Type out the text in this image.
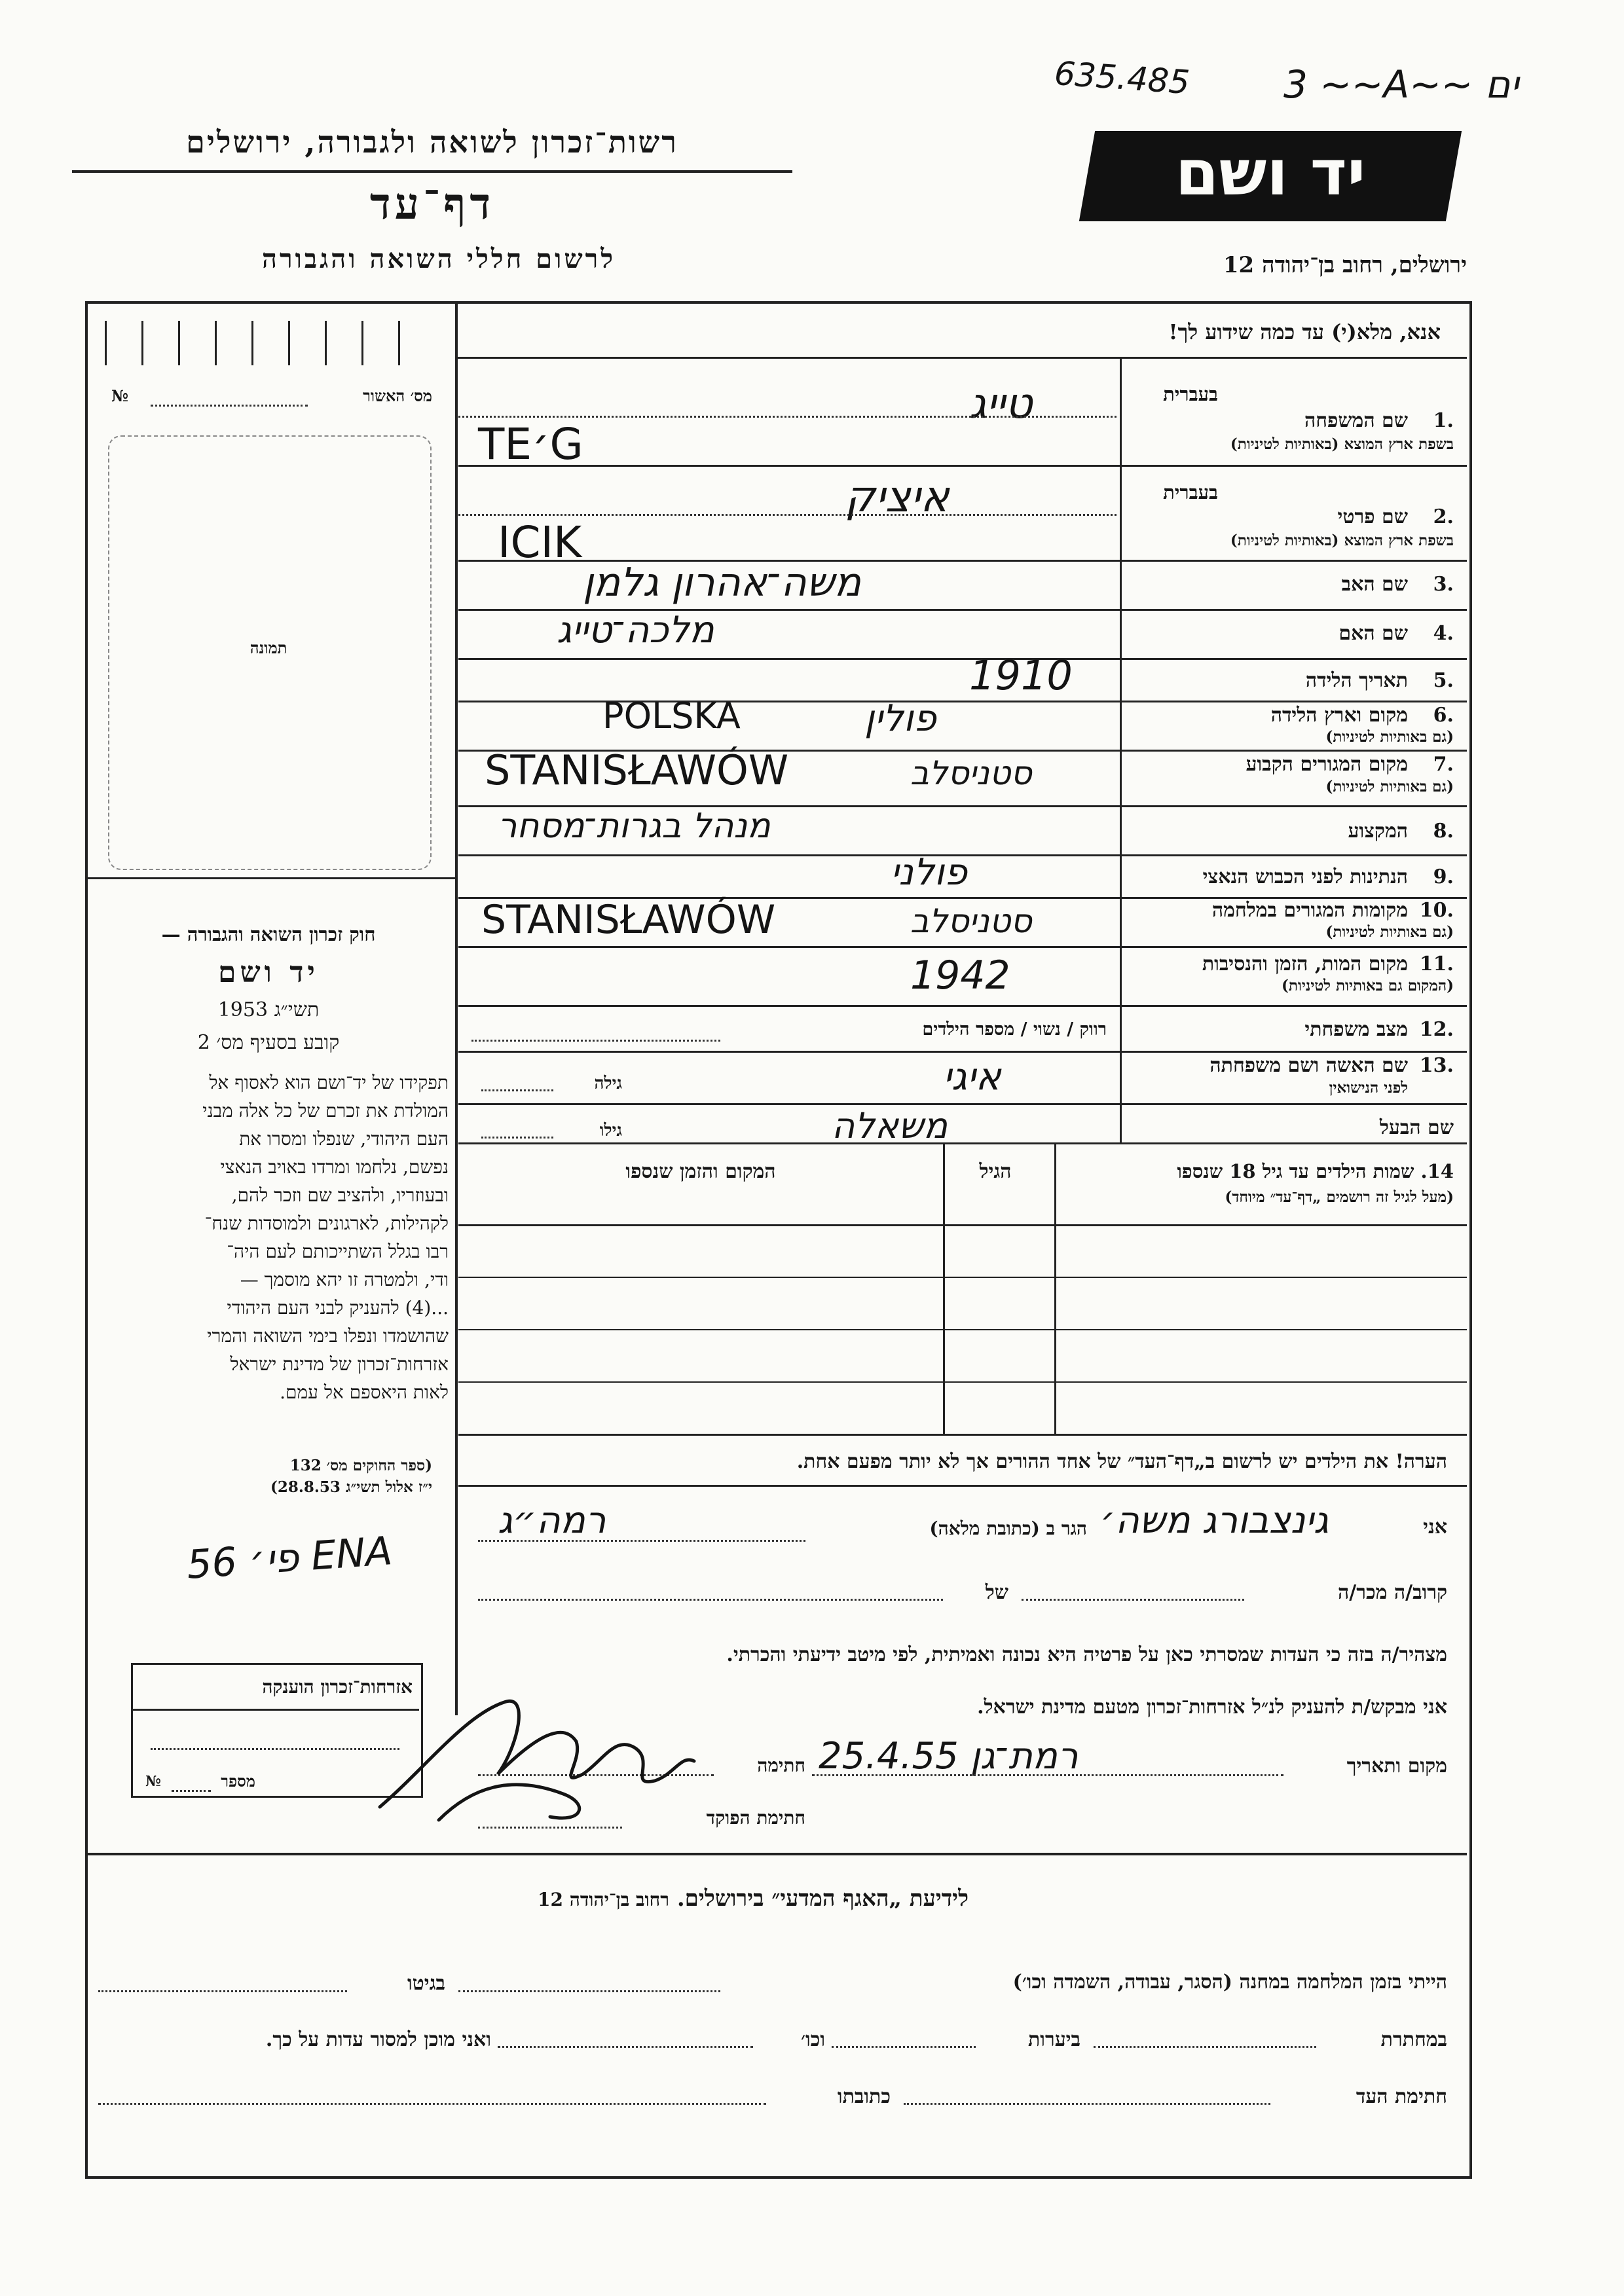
635.485 3 ~~A~~ ים
רשות־זכרון לשואה ולגבורה, ירושלים
דף־עד
לרשום חללי השואה והגבורה
יד ושם
ירושלים, רחוב בן־יהודה 12
מס׳ האשור
№
תמונה
חוק זכרון השואה והגבורה —
יד ושם
תשי״ג 1953
קובע בסעיף מס׳ 2
תפקידו של יד־ושם הוא לאסוף אל
המולדת את זכרם של כל אלה מבני
העם היהודי, שנפלו ומסרו את
נפשם, נלחמו ומרדו באויב הנאצי
ובעוזריו, ולהציב שם וזכר להם,
לקהילות, לארגונים ולמוסדות שנח־
רבו בגלל השתייכותם לעם היה־
ודי, ולמטרה זו יהא מוסמך —
...(4) להעניק לבני העם היהודי
שהושמדו ונפלו בימי השואה והמרי
אזרחות־זכרון של מדינת ישראל
לאות היאספם אל עמם.
(ספר החוקים מס׳ 132
י״ז אלול תשי״ג 28.8.53)
56 פי׳ ENA
אזרחות־זכרון הוענקה
№	מספר
אנא, מלא(י) עד כמה שידוע לך!
בעברית
1.
שם המשפחה
בשפת ארץ המוצא (באותיות לטיניות)
טייג
TE׳G
בעברית
2.
שם פרטי
בשפת ארץ המוצא (באותיות לטיניות)
איציק
ICIK
3.
שם האב
משה־אהרון גלמן
4.
שם האם
מלכה־טייג
5.
תאריך הלידה
1910
6.
מקום וארץ הלידה
(גם באותיות לטיניות)
POLSKA	פולין
7.
מקום המגורים הקבוע
(גם באותיות לטיניות)
STANISŁAWÓW	סטניסלב
8.
המקצוע
מנהל בגרות־מסחר
9.
הנתינות לפני הכבוש הנאצי
פולני
10.
מקומות המגורים במלחמה
(גם באותיות לטיניות)
STANISŁAWÓW	סטניסלב
11.
מקום המות, הזמן והנסיבות
(המקום גם באותיות לטיניות)
1942
12.
מצב משפחתי
רווק / נשוי / מספר הילדים
13.
שם האשה ושם משפחתה
לפני הנישואין
איגי
גילה
שם הבעל
משאלה
גילו
14. שמות הילדים עד גיל 18 שנספו
(מעל לגיל זה רושמים „דף־עד״ מיוחד)
הגיל
המקום והזמן שנספו
הערה! את הילדים יש לרשום ב„דף־העד״ של אחד ההורים אך לא יותר מפעם אחת.
אני
גינצבורג משה׳
הגר ב (כתובת מלאה)
רמה״ג
קרוב/ה מכר/ה
של
מצהיר/ה בזה כי העדות שמסרתי כאן על פרטיה היא נכונה ואמיתית, לפי מיטב ידיעתי והכרתי.
אני מבקש/ת להעניק לנ״ל אזרחות־זכרון מטעם מדינת ישראל.
מקום ותאריך
רמת־גן 25.4.55
חתימה
חתימת הפוקד
לידיעת „האגף המדעי״ בירושלים. רחוב בן־יהודה 12
הייתי בזמן המלחמה במחנה (הסגר, עבודה, השמדה וכו׳)
בגיטו
במחתרת
ביערות
וכו׳
ואני מוכן למסור עדות על כך.
חתימת העד
כתובתו
